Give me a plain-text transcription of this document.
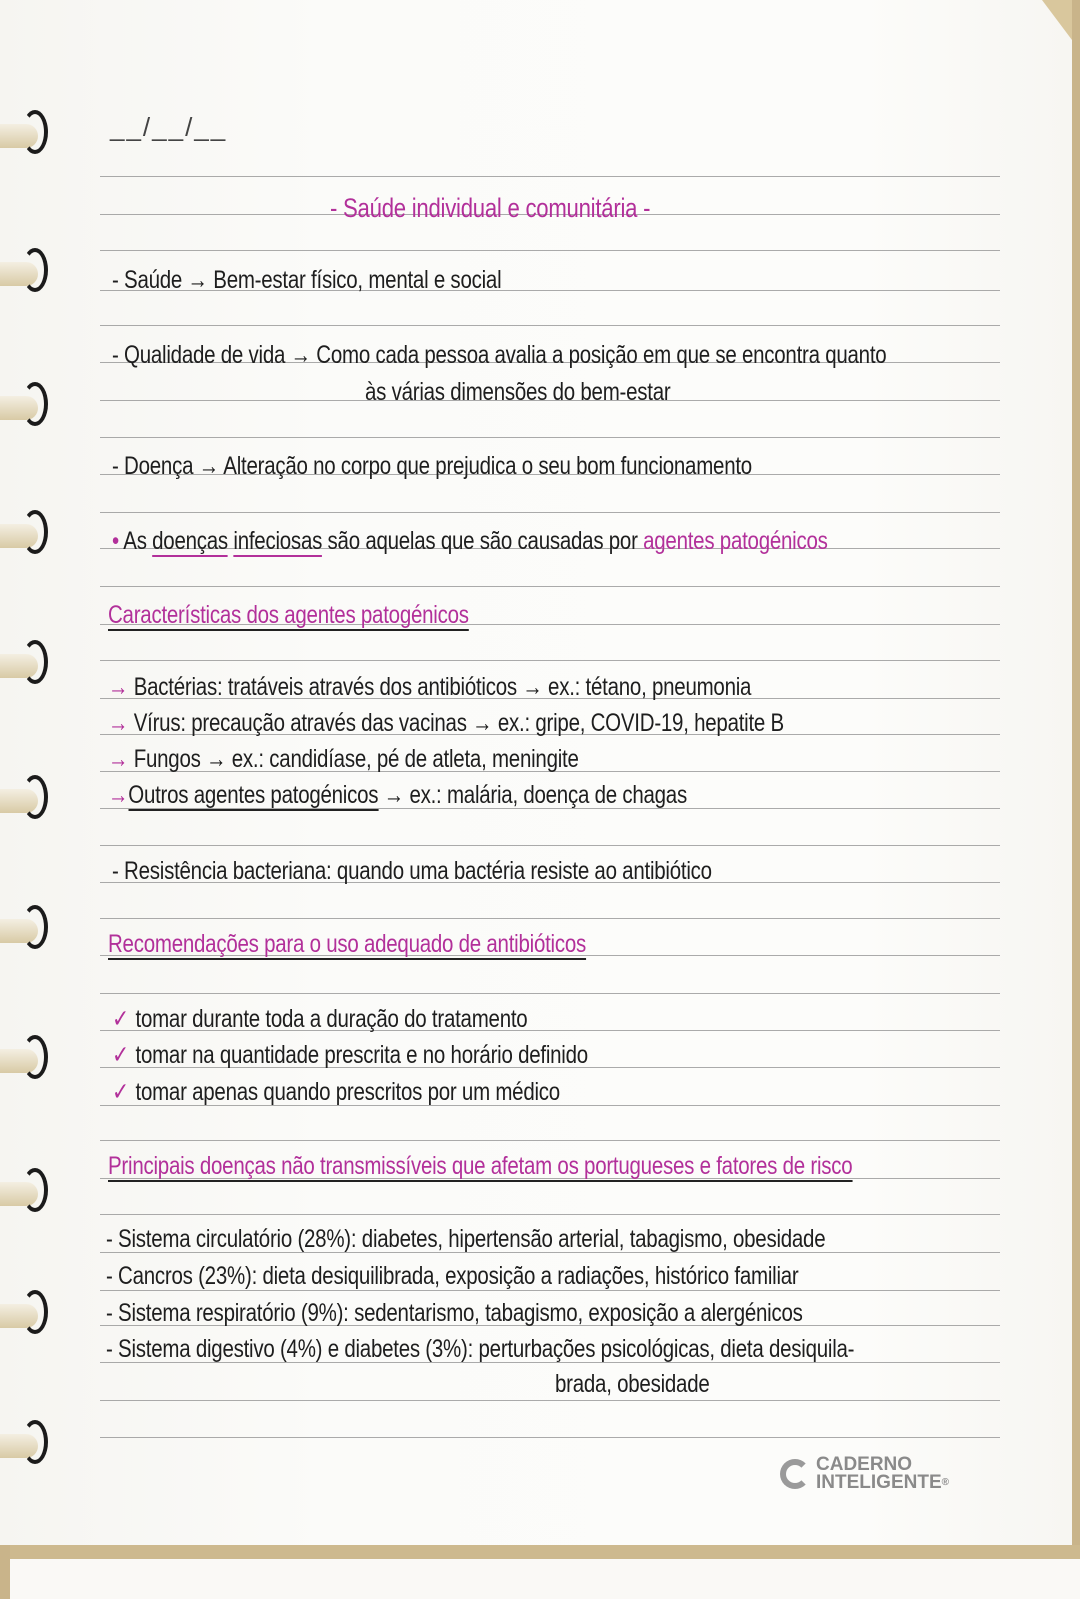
__/__/__
- Saúde individual e comunitária -
- Saúde → Bem-estar físico, mental e social
- Qualidade de vida → Como cada pessoa avalia a posição em que se encontra quanto
às várias dimensões do bem-estar
- Doença → Alteração no corpo que prejudica o seu bom funcionamento
• As doenças infeciosas são aquelas que são causadas por agentes patogénicos
Características dos agentes patogénicos
→ Bactérias: tratáveis através dos antibióticos → ex.: tétano, pneumonia
→ Vírus: precaução através das vacinas → ex.: gripe, COVID-19, hepatite B
→ Fungos → ex.: candidíase, pé de atleta, meningite
→Outros agentes patogénicos → ex.: malária, doença de chagas
- Resistência bacteriana: quando uma bactéria resiste ao antibiótico
Recomendações para o uso adequado de antibióticos
✓ tomar durante toda a duração do tratamento
✓ tomar na quantidade prescrita e no horário definido
✓ tomar apenas quando prescritos por um médico
Principais doenças não transmissíveis que afetam os portugueses e fatores de risco
- Sistema circulatório (28%): diabetes, hipertensão arterial, tabagismo, obesidade
- Cancros (23%): dieta desiquilibrada, exposição a radiações, histórico familiar
- Sistema respiratório (9%): sedentarismo, tabagismo, exposição a alergénicos
- Sistema digestivo (4%) e diabetes (3%): perturbações psicológicas, dieta desiquila-
brada, obesidade
CADERNO
INTELIGENTE®
